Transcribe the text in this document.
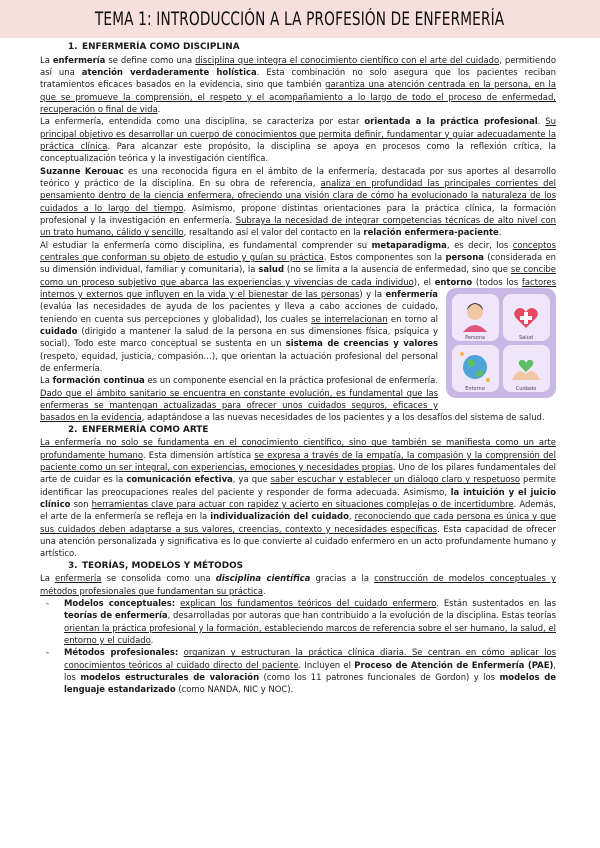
TEMA 1: INTRODUCCIÓN A LA PROFESIÓN DE ENFERMERÍA
1. ENFERMERÍA COMO DISCIPLINA

La enfermería se define como una disciplina que integra el conocimiento científico con el arte del cuidado, permitiendo así una atención verdaderamente holística. Esta combinación no solo asegura que los pacientes reciban tratamientos eficaces basados en la evidencia, sino que también garantiza una atención centrada en la persona, en la que se promueve la comprensión, el respeto y el acompañamiento a lo largo de todo el proceso de enfermedad, recuperación o final de vida.

La enfermería, entendida como una disciplina, se caracteriza por estar orientada a la práctica profesional. Su principal objetivo es desarrollar un cuerpo de conocimientos que permita definir, fundamentar y guiar adecuadamente la práctica clínica. Para alcanzar este propósito, la disciplina se apoya en procesos como la reflexión crítica, la conceptualización teórica y la investigación científica.

Suzanne Kerouac es una reconocida figura en el ámbito de la enfermería, destacada por sus aportes al desarrollo teórico y práctico de la disciplina. En su obra de referencia, analiza en profundidad las principales corrientes del pensamiento dentro de la ciencia enfermera, ofreciendo una visión clara de cómo ha evolucionado la naturaleza de los cuidados a lo largo del tiempo. Asimismo, propone distintas orientaciones para la práctica clínica, la formación profesional y la investigación en enfermería. Subraya la necesidad de integrar competencias técnicas de alto nivel con un trato humano, cálido y sencillo, resaltando así el valor del contacto en la relación enfermera-paciente.

Al estudiar la enfermería como disciplina, es fundamental comprender su metaparadigma, es decir, los conceptos centrales que conforman su objeto de estudio y guían su práctica. Estos componentes son la persona (considerada en su dimensión individual, familiar y comunitaria), la salud (no se limita a la ausencia de enfermedad, sino que se concibe como un proceso subjetivo que abarca las experiencias y vivencias de cada individuo), el entorno (todos los factores internos y externos que influyen en la vida y el bienestar de las personas) y la
Persona	Salud
Entorno	Cuidado
enfermería (evalúa las necesidades de ayuda de los pacientes y lleva a cabo acciones de cuidado, teniendo en cuenta sus percepciones y globalidad), los cuales se interrelacionan en torno al cuidado (dirigido a mantener la salud de la persona en sus dimensiones física, psíquica y social). Todo este marco conceptual se sustenta en un sistema de creencias y valores (respeto, equidad, justicia, compasión…), que orientan la actuación profesional del personal de enfermería.

La formación continua es un componente esencial en la práctica profesional de enfermería. Dado que el ámbito sanitario se encuentra en constante evolución, es fundamental que las enfermeras se mantengan actualizadas para ofrecer unos cuidados seguros, eficaces y basados en la evidencia, adaptándose a las nuevas necesidades de los pacientes y a los desafíos del sistema de salud.

2. ENFERMERÍA COMO ARTE

La enfermería no solo se fundamenta en el conocimiento científico, sino que también se manifiesta como un arte profundamente humano. Esta dimensión artística se expresa a través de la empatía, la compasión y la comprensión del paciente como un ser integral, con experiencias, emociones y necesidades propias. Uno de los pilares fundamentales del arte de cuidar es la comunicación efectiva, ya que saber escuchar y establecer un diálogo claro y respetuoso permite identificar las preocupaciones reales del paciente y responder de forma adecuada. Asimismo, la intuición y el juicio clínico son herramientas clave para actuar con rapidez y acierto en situaciones complejas o de incertidumbre. Además, el arte de la enfermería se refleja en la individualización del cuidado, reconociendo que cada persona es única y que sus cuidados deben adaptarse a sus valores, creencias, contexto y necesidades específicas. Esta capacidad de ofrecer una atención personalizada y significativa es lo que convierte al cuidado enfermero en un acto profundamente humano y artístico.

3. TEORÍAS, MODELOS Y MÉTODOS

La enfermería se consolida como una disciplina científica gracias a la construcción de modelos conceptuales y métodos profesionales que fundamentan su práctica.

- Modelos conceptuales: explican los fundamentos teóricos del cuidado enfermero. Están sustentados en las teorías de enfermería, desarrolladas por autoras que han contribuido a la evolución de la disciplina. Estas teorías orientan la práctica profesional y la formación, estableciendo marcos de referencia sobre el ser humano, la salud, el entorno y el cuidado.
- Métodos profesionales: organizan y estructuran la práctica clínica diaria. Se centran en cómo aplicar los conocimientos teóricos al cuidado directo del paciente. Incluyen el Proceso de Atención de Enfermería (PAE), los modelos estructurales de valoración (como los 11 patrones funcionales de Gordon) y los modelos de lenguaje estandarizado (como NANDA, NIC y NOC).
